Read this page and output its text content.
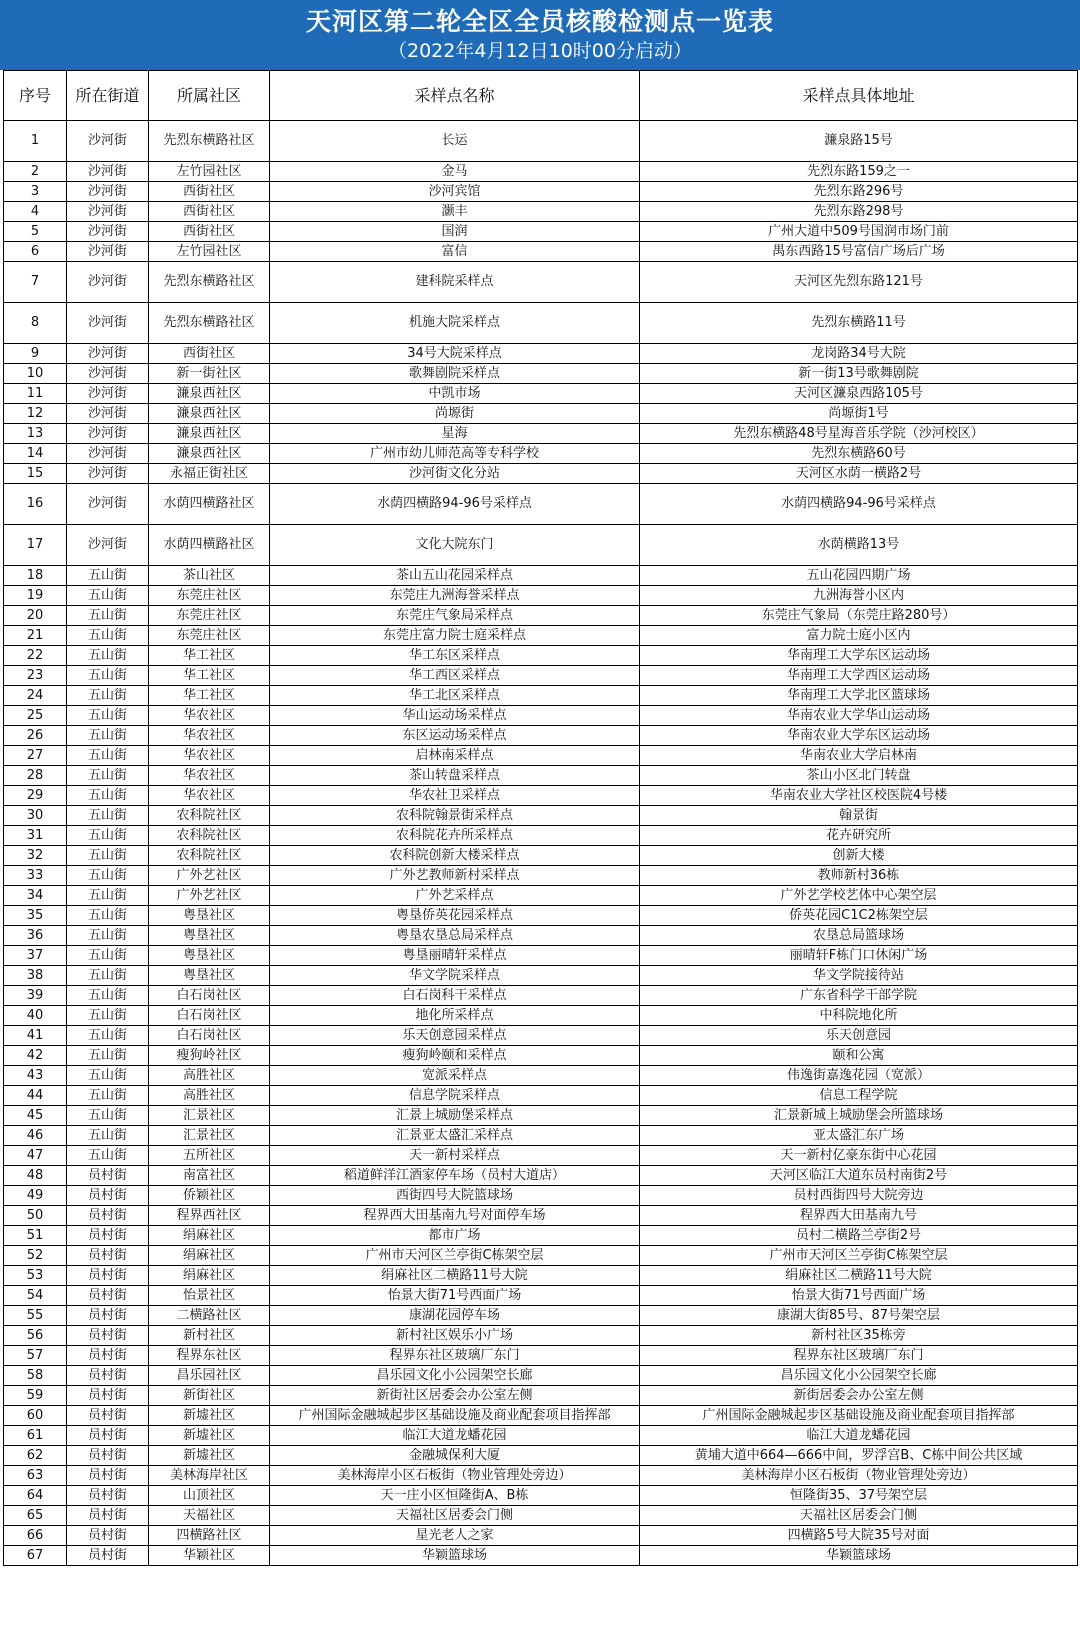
天河区第二轮全区全员核酸检测点一览表
（2022年4月12日10时00分启动）
序号	所在街道	所属社区	采样点名称	采样点具体地址
1	沙河街	先烈东横路社区	长运	濂泉路15号
2	沙河街	左竹园社区	金马	先烈东路159之一
3	沙河街	西街社区	沙河宾馆	先烈东路296号
4	沙河街	西街社区	灏丰	先烈东路298号
5	沙河街	西街社区	国润	广州大道中509号国润市场门前
6	沙河街	左竹园社区	富信	禺东西路15号富信广场后广场
7	沙河街	先烈东横路社区	建科院采样点	天河区先烈东路121号
8	沙河街	先烈东横路社区	机施大院采样点	先烈东横路11号
9	沙河街	西街社区	34号大院采样点	龙岗路34号大院
10	沙河街	新一街社区	歌舞剧院采样点	新一街13号歌舞剧院
11	沙河街	濂泉西社区	中凯市场	天河区濂泉西路105号
12	沙河街	濂泉西社区	尚塬街	尚塬街1号
13	沙河街	濂泉西社区	星海	先烈东横路48号星海音乐学院（沙河校区）
14	沙河街	濂泉西社区	广州市幼儿师范高等专科学校	先烈东横路60号
15	沙河街	永福正街社区	沙河街文化分站	天河区水荫一横路2号
16	沙河街	水荫四横路社区	水荫四横路94-96号采样点	水荫四横路94-96号采样点
17	沙河街	水荫四横路社区	文化大院东门	水荫横路13号
18	五山街	茶山社区	茶山五山花园采样点	五山花园四期广场
19	五山街	东莞庄社区	东莞庄九洲海誉采样点	九洲海誉小区内
20	五山街	东莞庄社区	东莞庄气象局采样点	东莞庄气象局（东莞庄路280号）
21	五山街	东莞庄社区	东莞庄富力院士庭采样点	富力院士庭小区内
22	五山街	华工社区	华工东区采样点	华南理工大学东区运动场
23	五山街	华工社区	华工西区采样点	华南理工大学西区运动场
24	五山街	华工社区	华工北区采样点	华南理工大学北区篮球场
25	五山街	华农社区	华山运动场采样点	华南农业大学华山运动场
26	五山街	华农社区	东区运动场采样点	华南农业大学东区运动场
27	五山街	华农社区	启林南采样点	华南农业大学启林南
28	五山街	华农社区	茶山转盘采样点	茶山小区北门转盘
29	五山街	华农社区	华农社卫采样点	华南农业大学社区校医院4号楼
30	五山街	农科院社区	农科院翰景街采样点	翰景街
31	五山街	农科院社区	农科院花卉所采样点	花卉研究所
32	五山街	农科院社区	农科院创新大楼采样点	创新大楼
33	五山街	广外艺社区	广外艺教师新村采样点	教师新村36栋
34	五山街	广外艺社区	广外艺采样点	广外艺学校艺体中心架空层
35	五山街	粤垦社区	粤垦侨英花园采样点	侨英花园C1C2栋架空层
36	五山街	粤垦社区	粤垦农垦总局采样点	农垦总局篮球场
37	五山街	粤垦社区	粤垦丽晴轩采样点	丽晴轩F栋门口休闲广场
38	五山街	粤垦社区	华文学院采样点	华文学院接待站
39	五山街	白石岗社区	白石岗科干采样点	广东省科学干部学院
40	五山街	白石岗社区	地化所采样点	中科院地化所
41	五山街	白石岗社区	乐天创意园采样点	乐天创意园
42	五山街	瘦狗岭社区	瘦狗岭颐和采样点	颐和公寓
43	五山街	高胜社区	宽派采样点	伟逸街嘉逸花园（宽派）
44	五山街	高胜社区	信息学院采样点	信息工程学院
45	五山街	汇景社区	汇景上城励堡采样点	汇景新城上城励堡会所篮球场
46	五山街	汇景社区	汇景亚太盛汇采样点	亚太盛汇东广场
47	五山街	五所社区	天一新村采样点	天一新村亿豪东街中心花园
48	员村街	南富社区	稻道鲜洋江酒家停车场（员村大道店）	天河区临江大道东员村南街2号
49	员村街	侨颖社区	西街四号大院篮球场	员村西街四号大院旁边
50	员村街	程界西社区	程界西大田基南九号对面停车场	程界西大田基南九号
51	员村街	绢麻社区	都市广场	员村二横路兰亭街2号
52	员村街	绢麻社区	广州市天河区兰亭街C栋架空层	广州市天河区兰亭街C栋架空层
53	员村街	绢麻社区	绢麻社区二横路11号大院	绢麻社区二横路11号大院
54	员村街	怡景社区	怡景大街71号西面广场	怡景大街71号西面广场
55	员村街	二横路社区	康湖花园停车场	康湖大街85号、87号架空层
56	员村街	新村社区	新村社区娱乐小广场	新村社区35栋旁
57	员村街	程界东社区	程界东社区玻璃厂东门	程界东社区玻璃厂东门
58	员村街	昌乐园社区	昌乐园文化小公园架空长廊	昌乐园文化小公园架空长廊
59	员村街	新街社区	新街社区居委会办公室左侧	新街居委会办公室左侧
60	员村街	新墟社区	广州国际金融城起步区基础设施及商业配套项目指挥部	广州国际金融城起步区基础设施及商业配套项目指挥部
61	员村街	新墟社区	临江大道龙蟠花园	临江大道龙蟠花园
62	员村街	新墟社区	金融城保利大厦	黄埔大道中664—666中间，罗浮宫B、C栋中间公共区域
63	员村街	美林海岸社区	美林海岸小区石板街（物业管理处旁边）	美林海岸小区石板街（物业管理处旁边）
64	员村街	山顶社区	天一庄小区恒隆街A、B栋	恒隆街35、37号架空层
65	员村街	天福社区	天福社区居委会门侧	天福社区居委会门侧
66	员村街	四横路社区	星光老人之家	四横路5号大院35号对面
67	员村街	华颖社区	华颖篮球场	华颖篮球场
